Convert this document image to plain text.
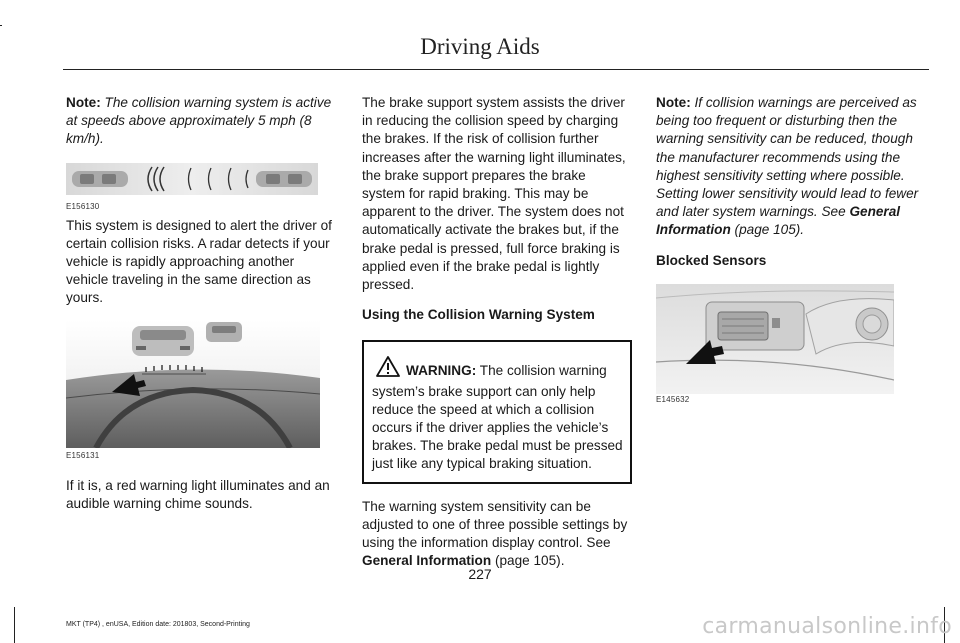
Driving Aids

Note: The collision warning system is active at speeds above approximately 5 mph (8 km/h).

E156130

This system is designed to alert the driver of certain collision risks. A radar detects if your vehicle is rapidly approaching another vehicle traveling in the same direction as yours.

E156131

If it is, a red warning light illuminates and an audible warning chime sounds.

The brake support system assists the driver in reducing the collision speed by charging the brakes. If the risk of collision further increases after the warning light illuminates, the brake support prepares the brake system for rapid braking. This may be apparent to the driver. The system does not automatically activate the brakes but, if the brake pedal is pressed, full force braking is applied even if the brake pedal is lightly pressed.

Using the Collision Warning System

WARNING: The collision warning system’s brake support can only help reduce the speed at which a collision occurs if the driver applies the vehicle’s brakes. The brake pedal must be pressed just like any typical braking situation.

The warning system sensitivity can be adjusted to one of three possible settings by using the information display control. See General Information (page 105).

Note: If collision warnings are perceived as being too frequent or disturbing then the warning sensitivity can be reduced, though the manufacturer recommends using the highest sensitivity setting where possible. Setting lower sensitivity would lead to fewer and later system warnings. See General Information (page 105).

Blocked Sensors

E145632
227
MKT (TP4) , enUSA, Edition date: 201803, Second-Printing	carmanualsonline.info
